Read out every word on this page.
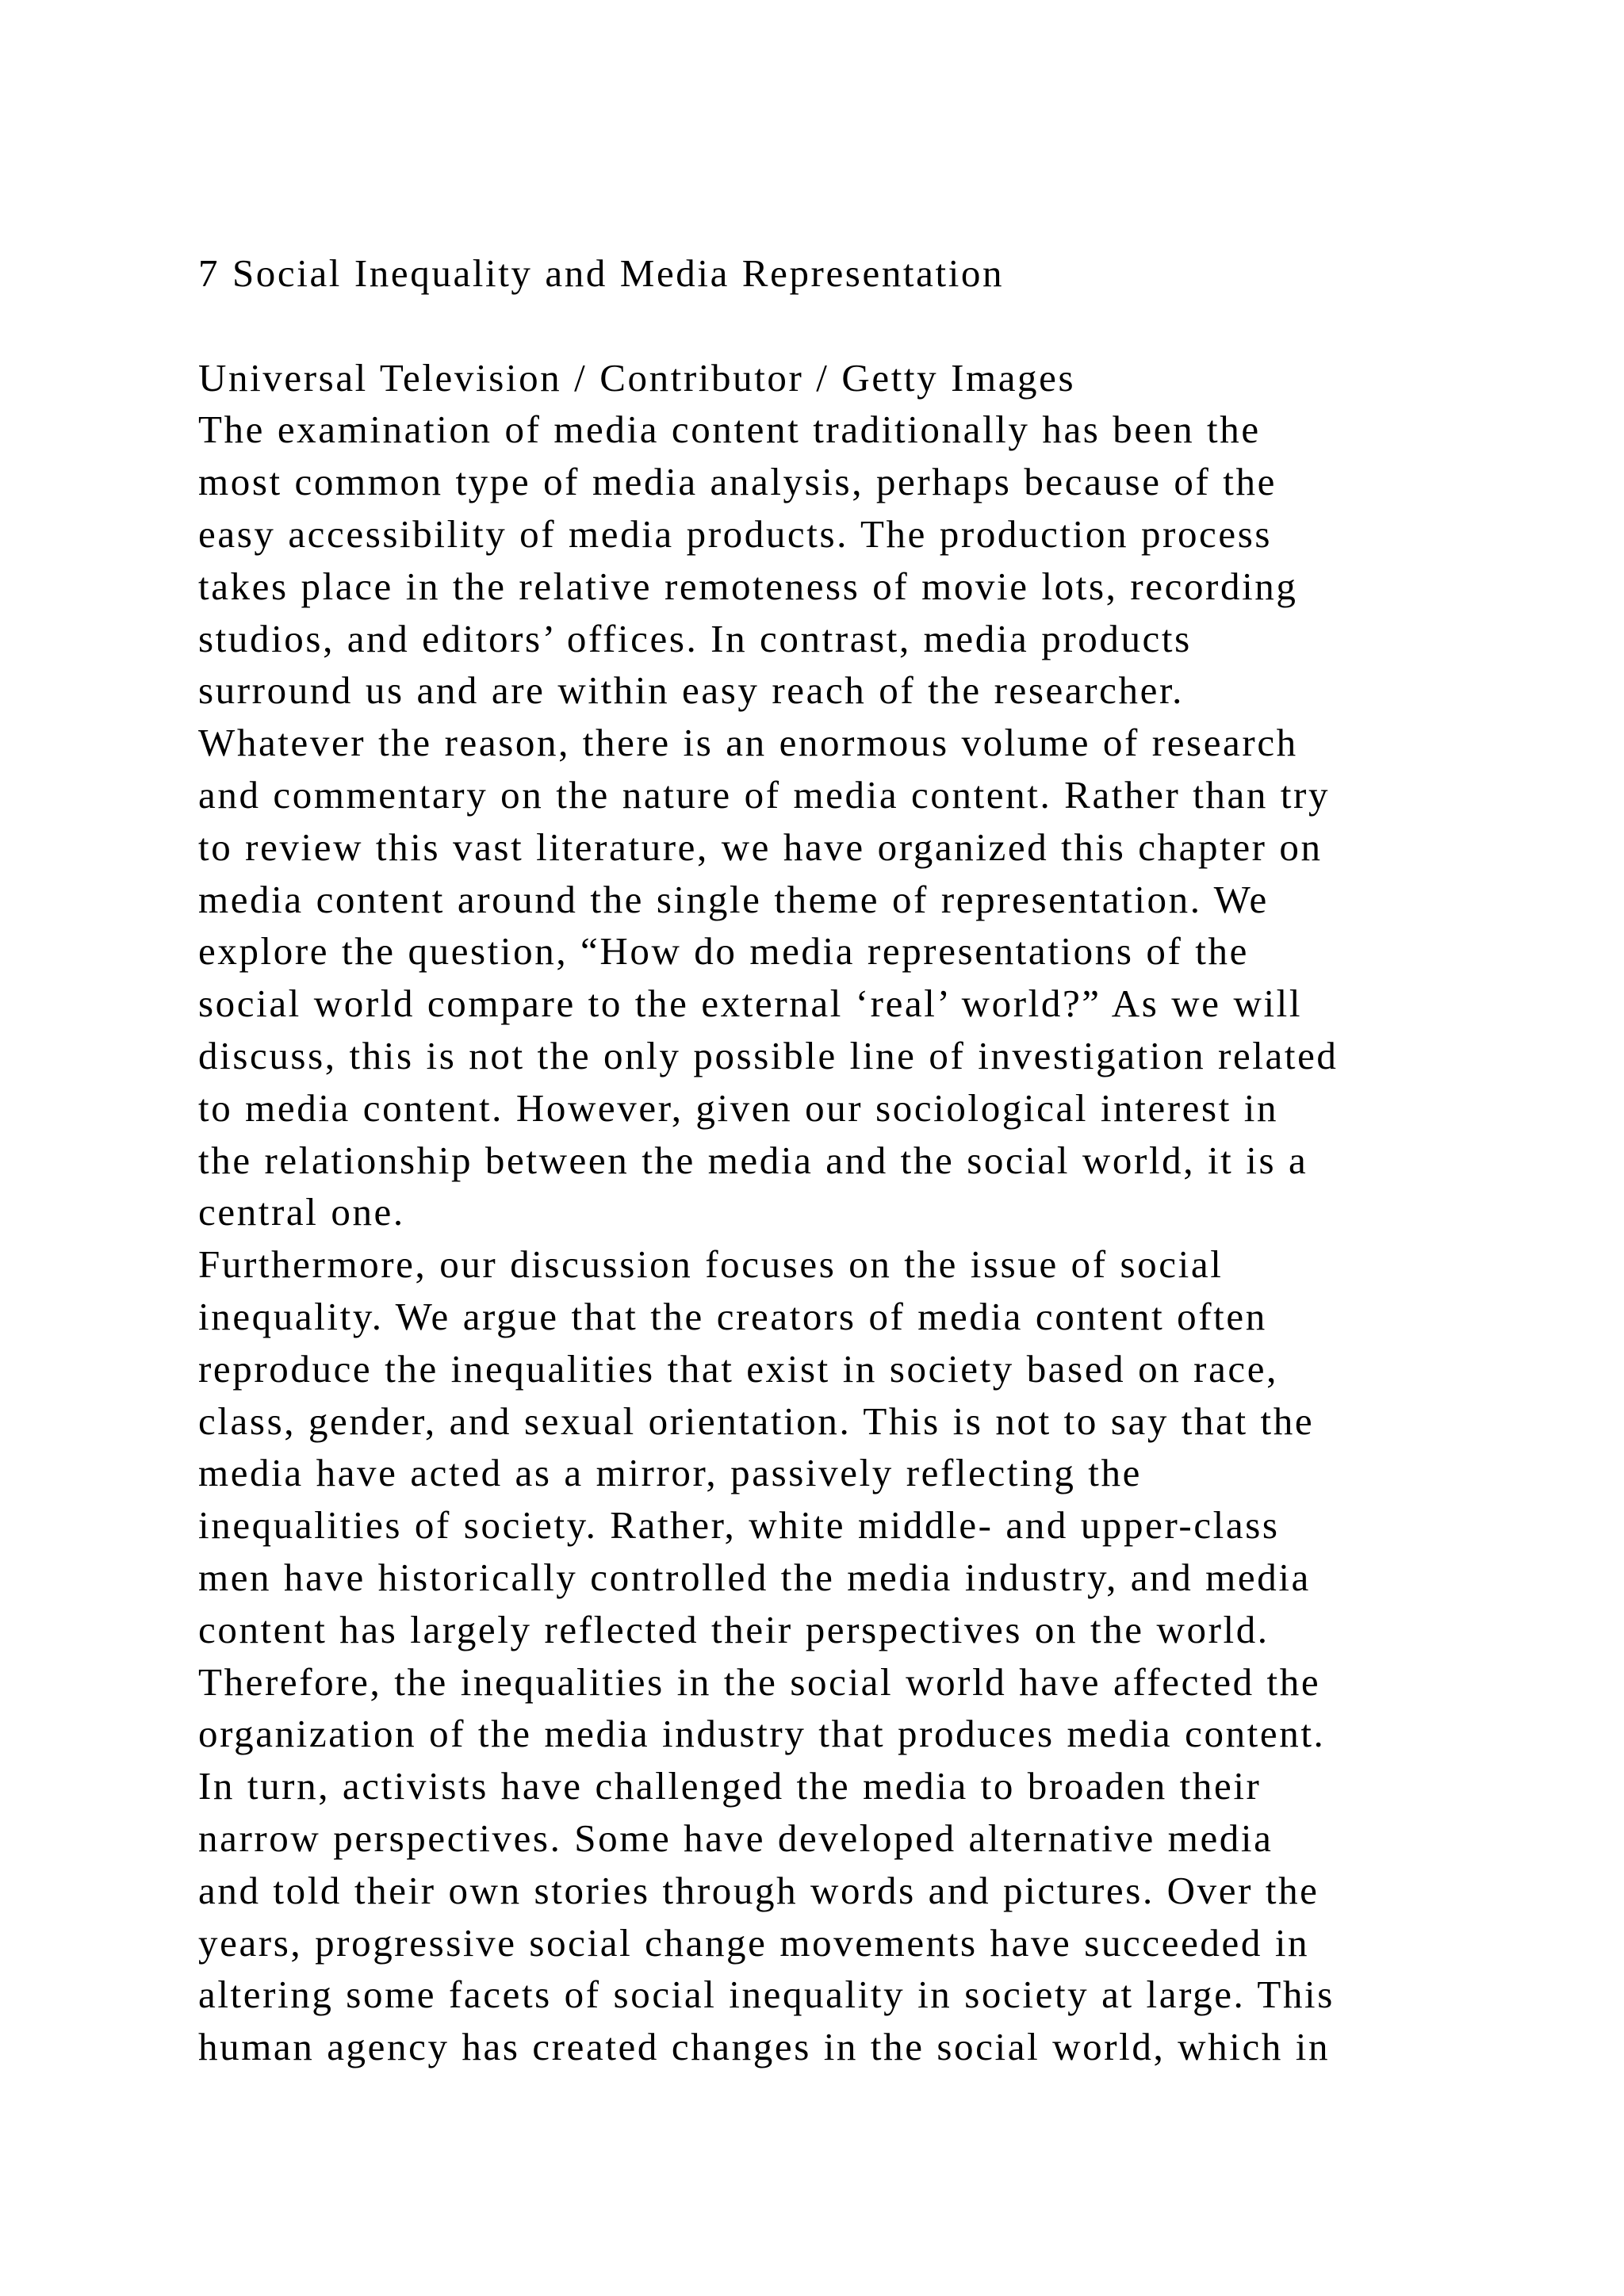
7 Social Inequality and Media Representation
Universal Television / Contributor / Getty Images
The examination of media content traditionally has been the
most common type of media analysis, perhaps because of the
easy accessibility of media products. The production process
takes place in the relative remoteness of movie lots, recording
studios, and editors’ offices. In contrast, media products
surround us and are within easy reach of the researcher.
Whatever the reason, there is an enormous volume of research
and commentary on the nature of media content. Rather than try
to review this vast literature, we have organized this chapter on
media content around the single theme of representation. We
explore the question, “How do media representations of the
social world compare to the external ‘real’ world?” As we will
discuss, this is not the only possible line of investigation related
to media content. However, given our sociological interest in
the relationship between the media and the social world, it is a
central one.
Furthermore, our discussion focuses on the issue of social
inequality. We argue that the creators of media content often
reproduce the inequalities that exist in society based on race,
class, gender, and sexual orientation. This is not to say that the
media have acted as a mirror, passively reflecting the
inequalities of society. Rather, white middle- and upper-class
men have historically controlled the media industry, and media
content has largely reflected their perspectives on the world.
Therefore, the inequalities in the social world have affected the
organization of the media industry that produces media content.
In turn, activists have challenged the media to broaden their
narrow perspectives. Some have developed alternative media
and told their own stories through words and pictures. Over the
years, progressive social change movements have succeeded in
altering some facets of social inequality in society at large. This
human agency has created changes in the social world, which in
